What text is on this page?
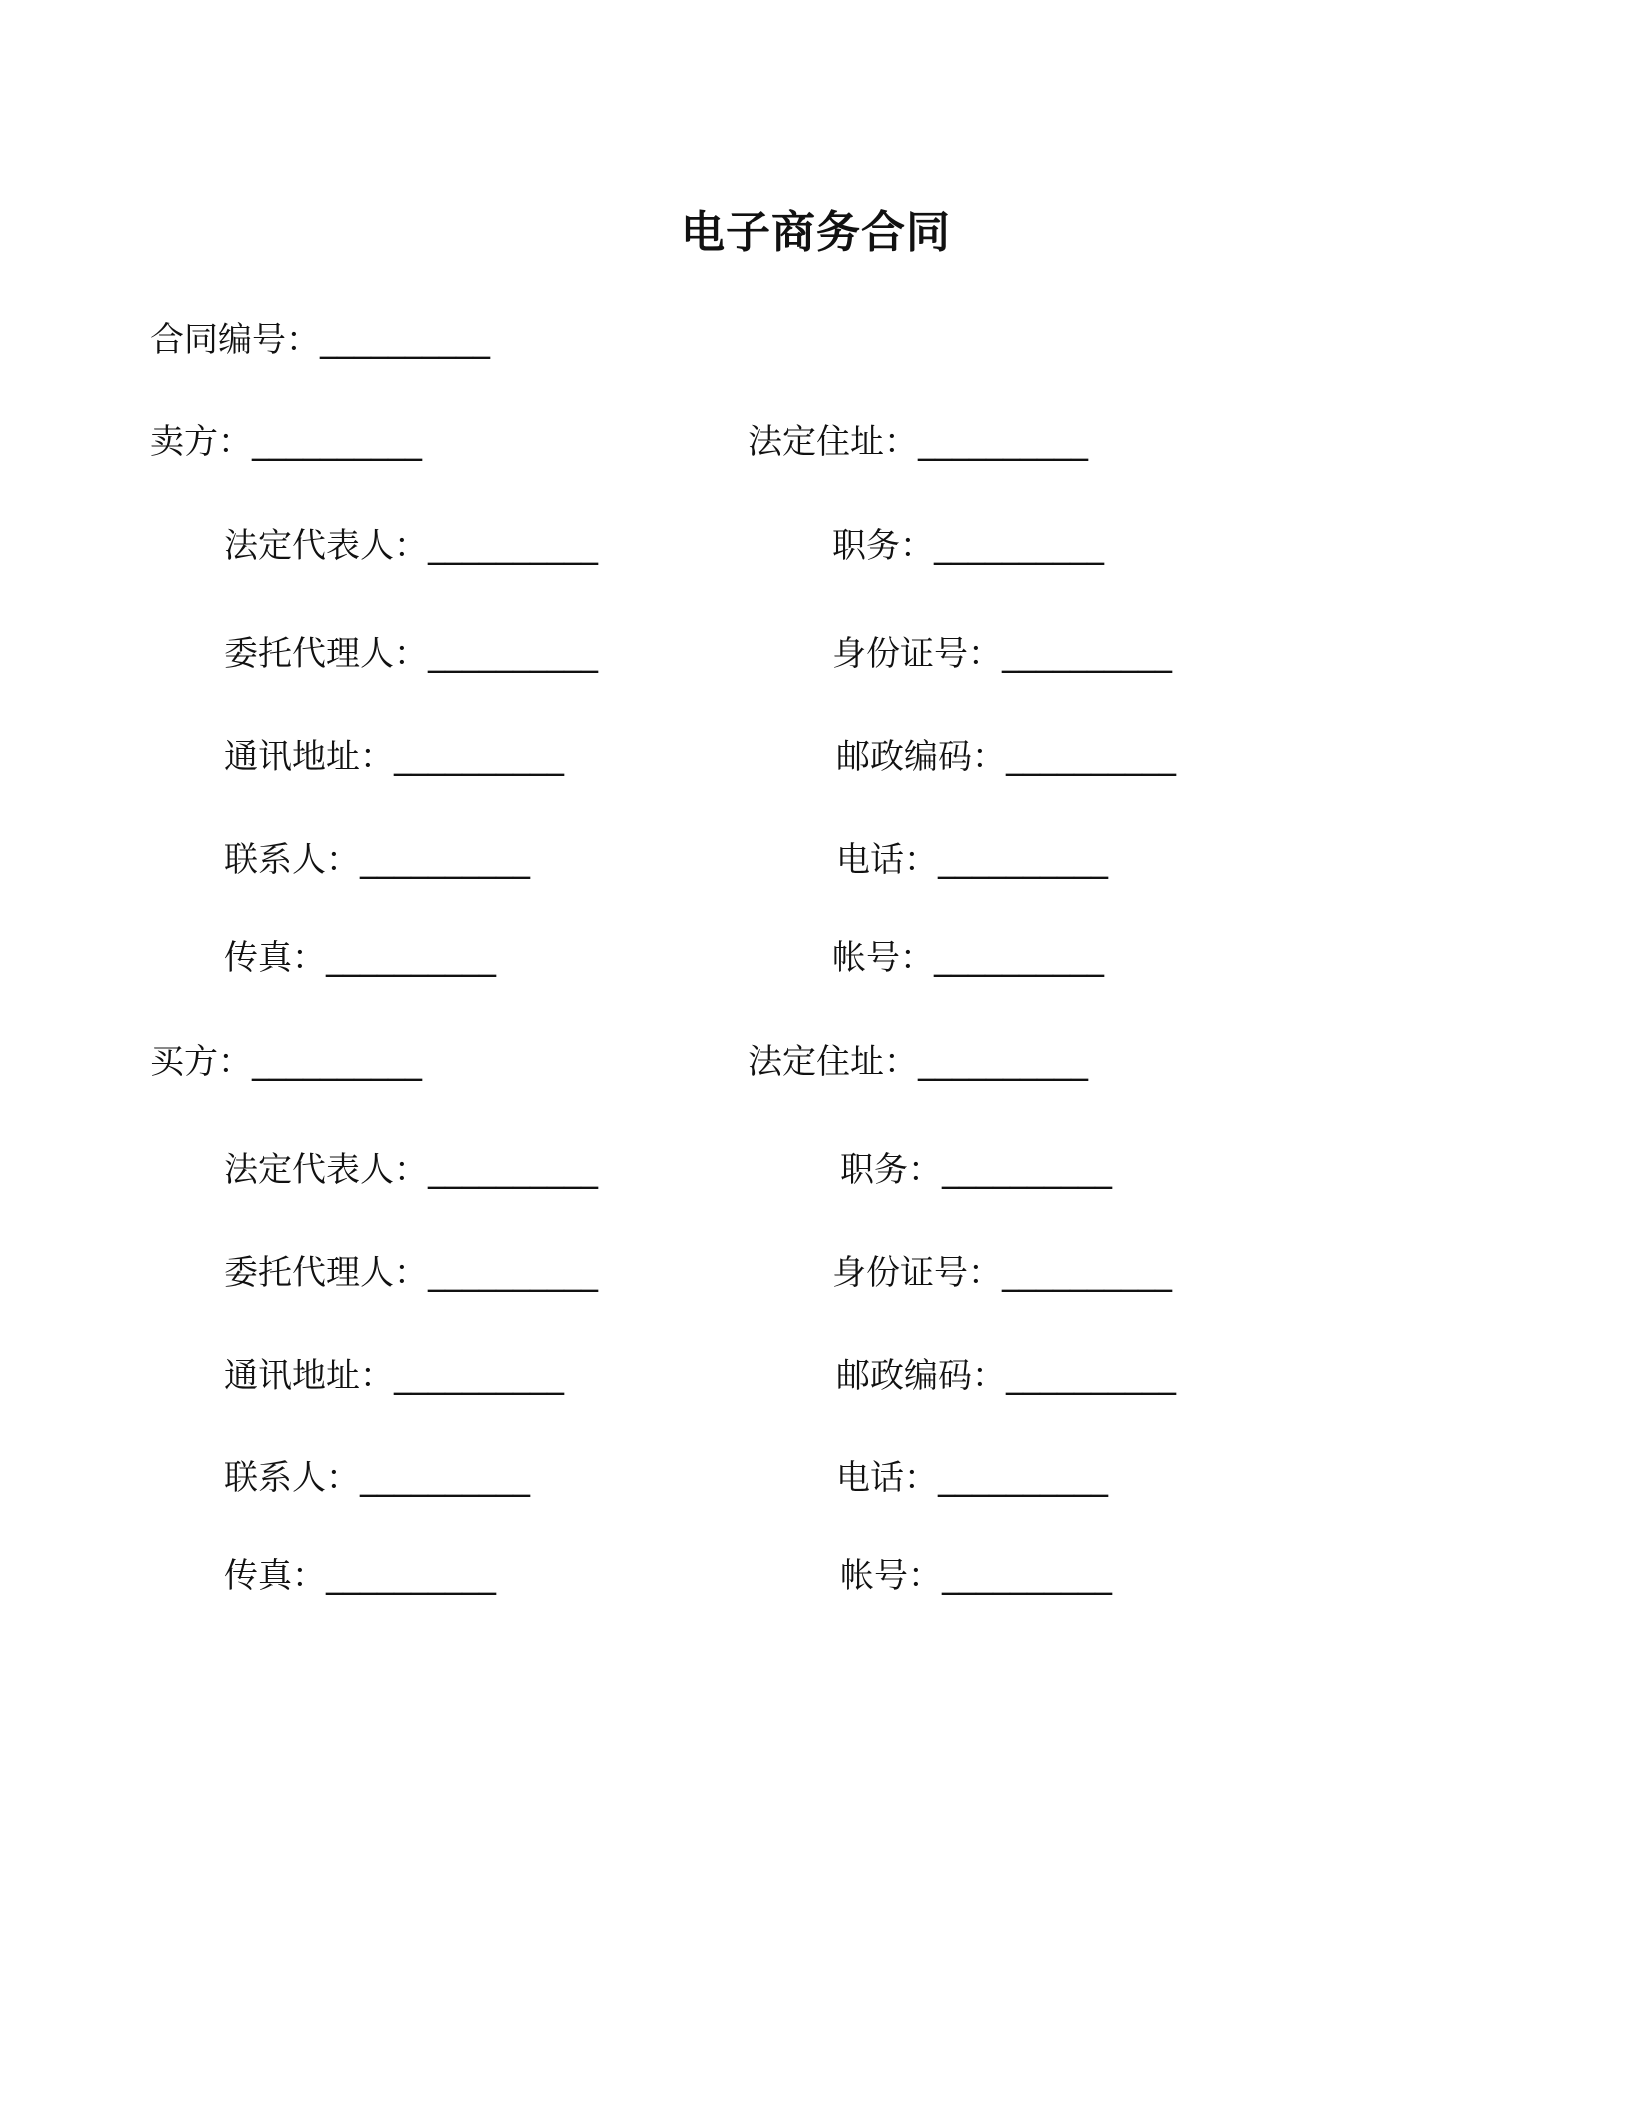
电子商务合同
合同编号：__________
卖方：__________	法定住址：__________
法定代表人：__________	职务：__________
委托代理人：__________	身份证号：__________
通讯地址：__________	邮政编码：__________
联系人：__________	电话：__________
传真：__________	帐号：__________
买方：__________	法定住址：__________
法定代表人：__________	职务：__________
委托代理人：__________	身份证号：__________
通讯地址：__________	邮政编码：__________
联系人：__________	电话：__________
传真：__________	帐号：__________
